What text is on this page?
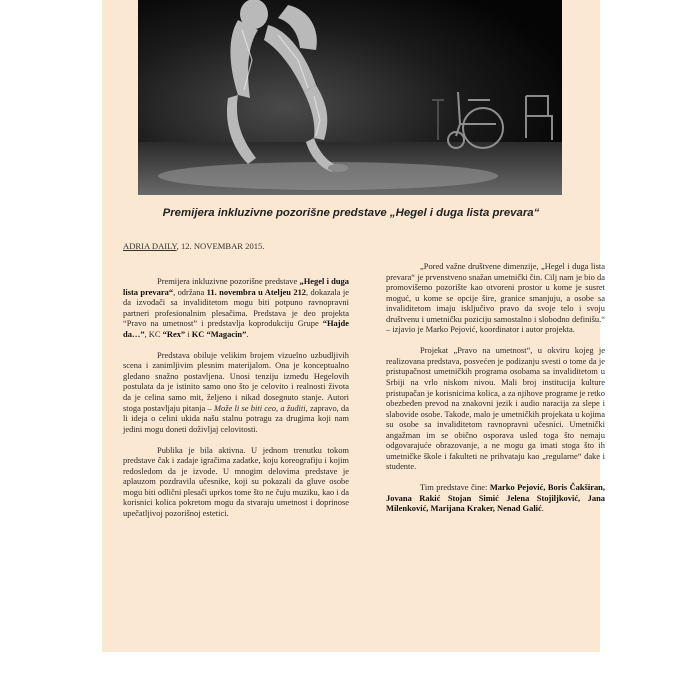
Premijera inkluzivne pozorišne predstave „Hegel i duga lista prevara“
ADRIA DAILY, 12. NOVEMBAR 2015.

Premijera inkluzivne pozorišne predstave „Hegel i duga lista prevara“, održana 11. novembra u Ateljeu 212, dokazala je da izvođači sa invaliditetom mogu biti potpuno ravnopravni partneri profesionalnim plesačima. Predstava je deo projekta “Pravo na umetnost” i predstavlja koprodukciju Grupe “Hajde da…”, KC “Rex” i KC “Magacin”.

Predstava obiluje velikim brojem vizuelno uzbudljivih scena i zanimljivim plesnim materijalom. Ona je konceptualno gledano snažno postavljena. Unosi tenziju između Hegelovih postulata da je istinito samo ono što je celovito i realnosti života da je celina samo mit, željeno i nikad dosegnuto stanje. Autori stoga postavljaju pitanja – Može li se biti ceo, a žuditi, zapravo, da li ideja o celini ukida našu stalnu potragu za drugima koji nam jedini mogu doneti doživljaj celovitosti.

Publika je bila aktivna. U jednom trenutku tokom predstave čak i zadaje igračima zadatke, koju koreografiju i kojim redosledom da je izvode. U mnogim delovima predstave je aplauzom pozdravila učesnike, koji su pokazali da gluve osobe mogu biti odlični plesači uprkos tome što ne čuju muziku, kao i da korisnici kolica pokretom mogu da stvaraju umetnost i doprinose upečatljivoj pozorišnoj estetici.

„Pored važne društvene dimenzije, „Hegel i duga lista prevara“ je prvenstveno snažan umetnički čin. Cilj nam je bio da promovišemo pozorište kao otvoreni prostor u kome je susret moguć, u kome se opcije šire, granice smanjuju, a osobe sa invaliditetom imaju isključivo pravo da svoje telo i svoju društvenu i umetničku poziciju samostalno i slobodno definišu.“ – izjavio je Marko Pejović, koordinator i autor projekta.

Projekat „Pravo na umetnost“, u okviru kojeg je realizovana predstava, posvećen je podizanju svesti o tome da je pristupačnost umetničkih programa osobama sa invaliditetom u Srbiji na vrlo niskom nivou. Mali broj institucija kulture pristupačan je korisnicima kolica, a za njihove programe je retko obezbeđen prevod na znakovni jezik i audio naracija za slepe i slabovide osobe. Takođe, malo je umetničkih projekata u kojima su osobe sa invaliditetom ravnopravni učesnici. Umetnički angažman im se obično osporava usled toga što nemaju odgovarajuće obrazovanje, a ne mogu ga imati stoga što ih umetničke škole i fakulteti ne prihvataju kao „regularne“ đake i studente.

Tim predstave čine: Marko Pejović, Boris Čakširan, Jovana Rakić Stojan Simić Jelena Stojiljković, Jana Milenković, Marijana Kraker, Nenad Galić.
